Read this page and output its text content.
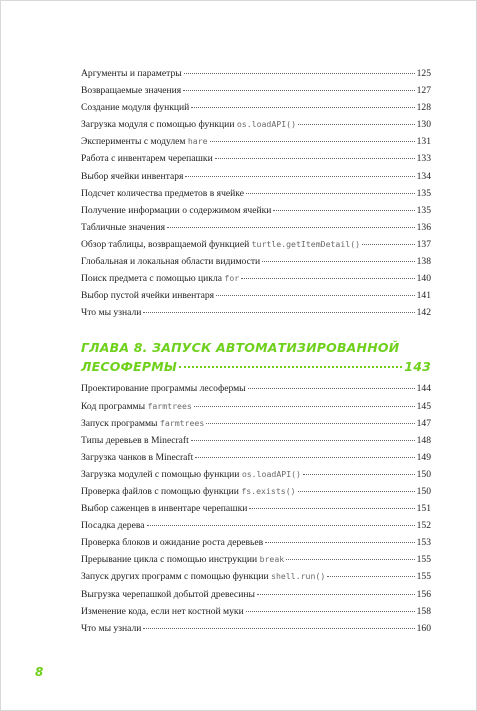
Аргументы и параметры	125
Возвращаемые значения	127
Создание модуля функций	128
Загрузка модуля с помощью функции os.loadAPI()	130
Эксперименты с модулем hare	131
Работа с инвентарем черепашки	133
Выбор ячейки инвентаря	134
Подсчет количества предметов в ячейке	135
Получение информации о содержимом ячейки	135
Табличные значения	136
Обзор таблицы, возвращаемой функцией turtle.getItemDetail()	137
Глобальная и локальная области видимости	138
Поиск предмета с помощью цикла for	140
Выбор пустой ячейки инвентаря	141
Что мы узнали	142
ГЛАВА 8. ЗАПУСК АВТОМАТИЗИРОВАННОЙ
ЛЕСОФЕРМЫ	143
Проектирование программы лесофермы	144
Код программы farmtrees	145
Запуск программы farmtrees	147
Типы деревьев в Minecraft	148
Загрузка чанков в Minecraft	149
Загрузка модулей с помощью функции os.loadAPI()	150
Проверка файлов с помощью функции fs.exists()	150
Выбор саженцев в инвентаре черепашки	151
Посадка дерева	152
Проверка блоков и ожидание роста деревьев	153
Прерывание цикла с помощью инструкции break	155
Запуск других программ с помощью функции shell.run()	155
Выгрузка черепашкой добытой древесины	156
Изменение кода, если нет костной муки	158
Что мы узнали	160
8
